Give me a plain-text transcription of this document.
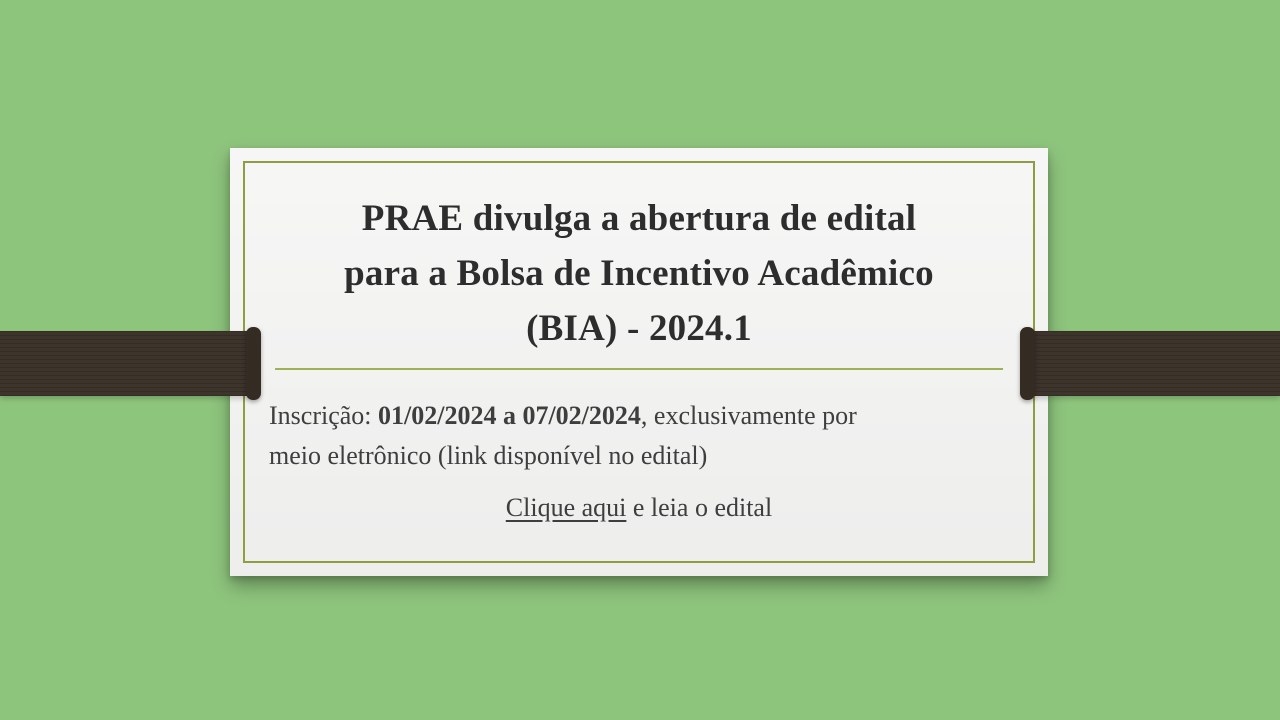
PRAE divulga a abertura de edital
para a Bolsa de Incentivo Acadêmico
(BIA) - 2024.1

Inscrição: 01/02/2024 a 07/02/2024, exclusivamente por
meio eletrônico (link disponível no edital)

Clique aqui e leia o edital
